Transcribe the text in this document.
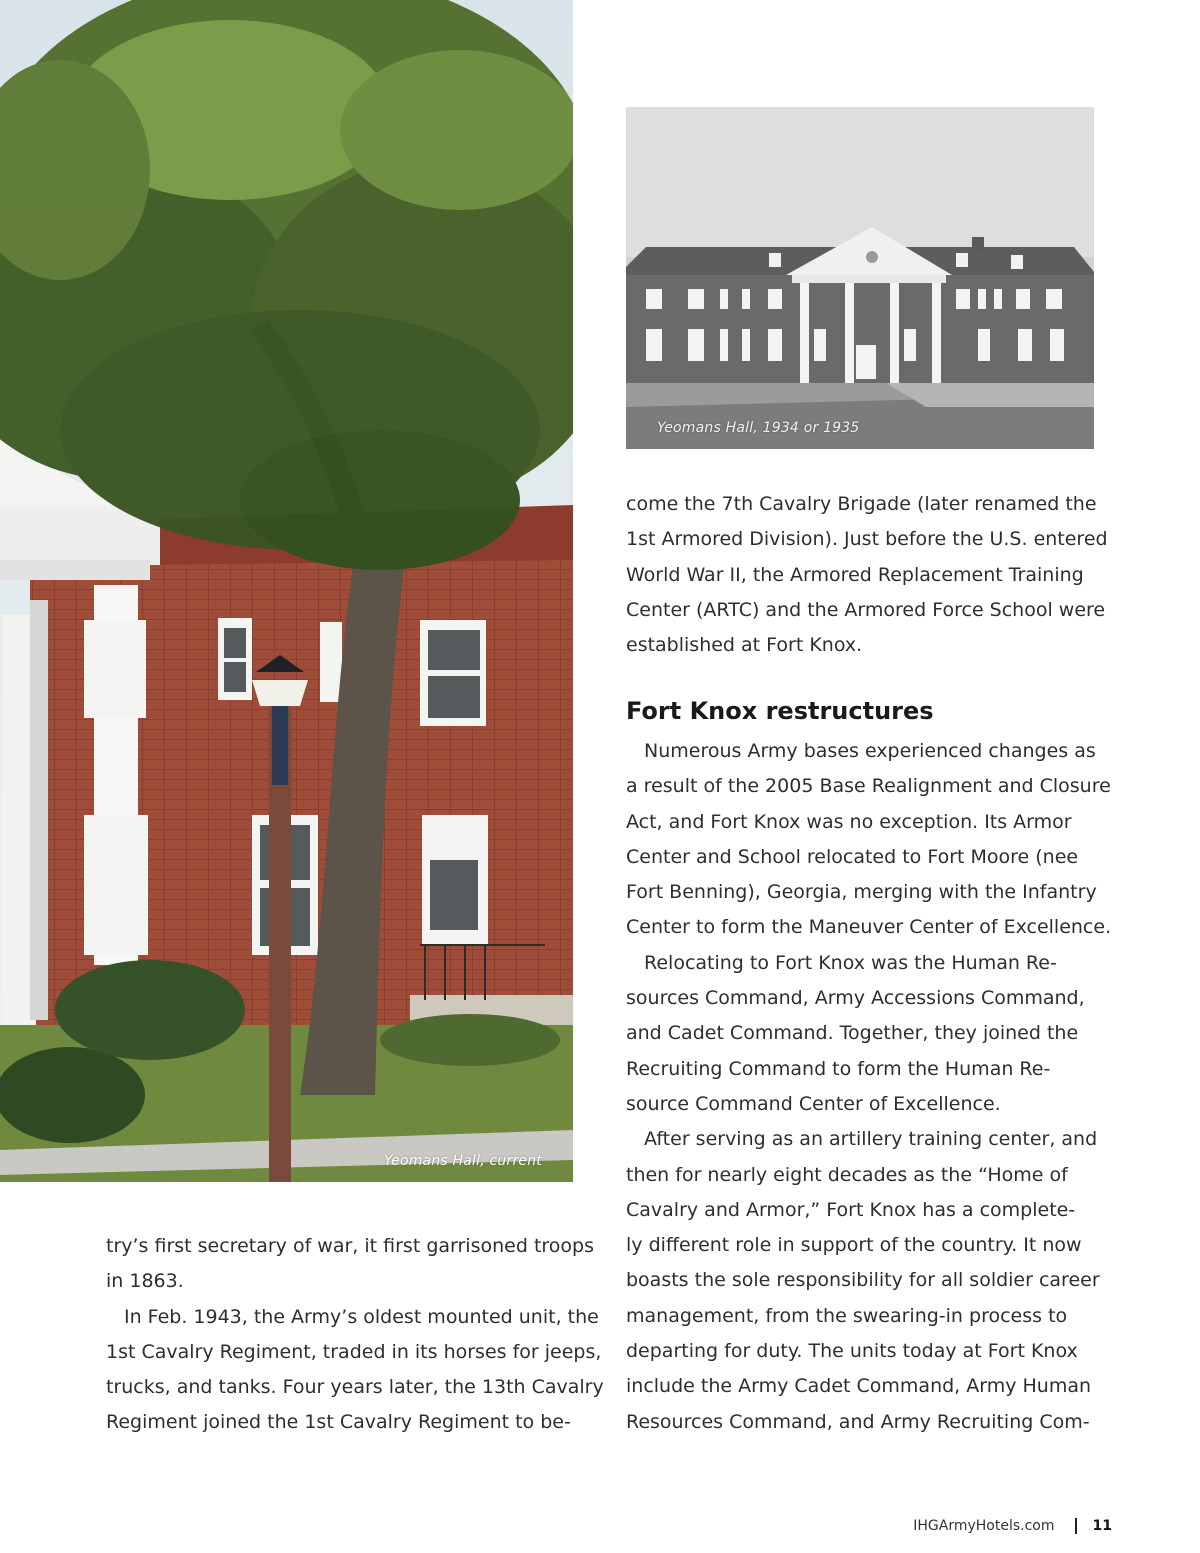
Yeomans Hall, current
Yeomans Hall, 1934 or 1935

try’s first secretary of war, it first garrisoned troops

in 1863.

In Feb. 1943, the Army’s oldest mounted unit, the

1st Cavalry Regiment, traded in its horses for jeeps,

trucks, and tanks. Four years later, the 13th Cavalry

Regiment joined the 1st Cavalry Regiment to be-

come the 7th Cavalry Brigade (later renamed the

1st Armored Division). Just before the U.S. entered

World War II, the Armored Replacement Training

Center (ARTC) and the Armored Force School were

established at Fort Knox.

Fort Knox restructures

Numerous Army bases experienced changes as

a result of the 2005 Base Realignment and Closure

Act, and Fort Knox was no exception. Its Armor

Center and School relocated to Fort Moore (nee

Fort Benning), Georgia, merging with the Infantry

Center to form the Maneuver Center of Excellence.

Relocating to Fort Knox was the Human Re-

sources Command, Army Accessions Command,

and Cadet Command. Together, they joined the

Recruiting Command to form the Human Re-

source Command Center of Excellence.

After serving as an artillery training center, and

then for nearly eight decades as the “Home of

Cavalry and Armor,” Fort Knox has a complete-

ly different role in support of the country. It now

boasts the sole responsibility for all soldier career

management, from the swearing-in process to

departing for duty. The units today at Fort Knox

include the Army Cadet Command, Army Human

Resources Command, and Army Recruiting Com-

IHGArmyHotels.com	11
